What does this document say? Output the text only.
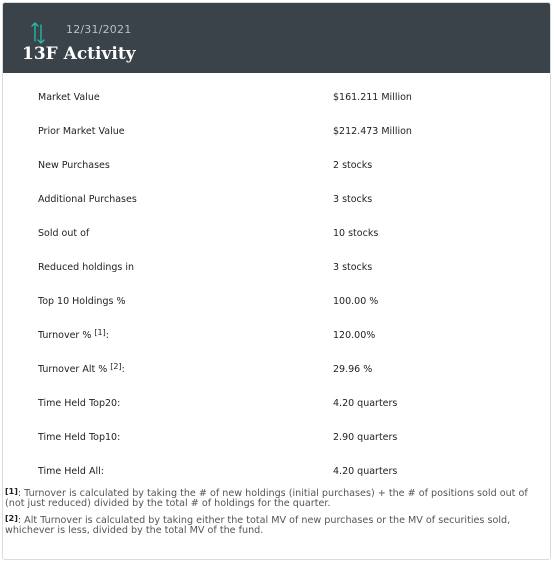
12/31/2021
13F Activity
Market Value	$161.211 Million
Prior Market Value	$212.473 Million
New Purchases	2 stocks
Additional Purchases	3 stocks
Sold out of	10 stocks
Reduced holdings in	3 stocks
Top 10 Holdings %	100.00 %
Turnover % [1]:	120.00%
Turnover Alt % [2]:	29.96 %
Time Held Top20:	4.20 quarters
Time Held Top10:	2.90 quarters
Time Held All:	4.20 quarters
[1]: Turnover is calculated by taking the # of new holdings (initial purchases) + the # of positions sold out of (not just reduced) divided by the total # of holdings for the quarter.
[2]: Alt Turnover is calculated by taking either the total MV of new purchases or the MV of securities sold, whichever is less, divided by the total MV of the fund.
